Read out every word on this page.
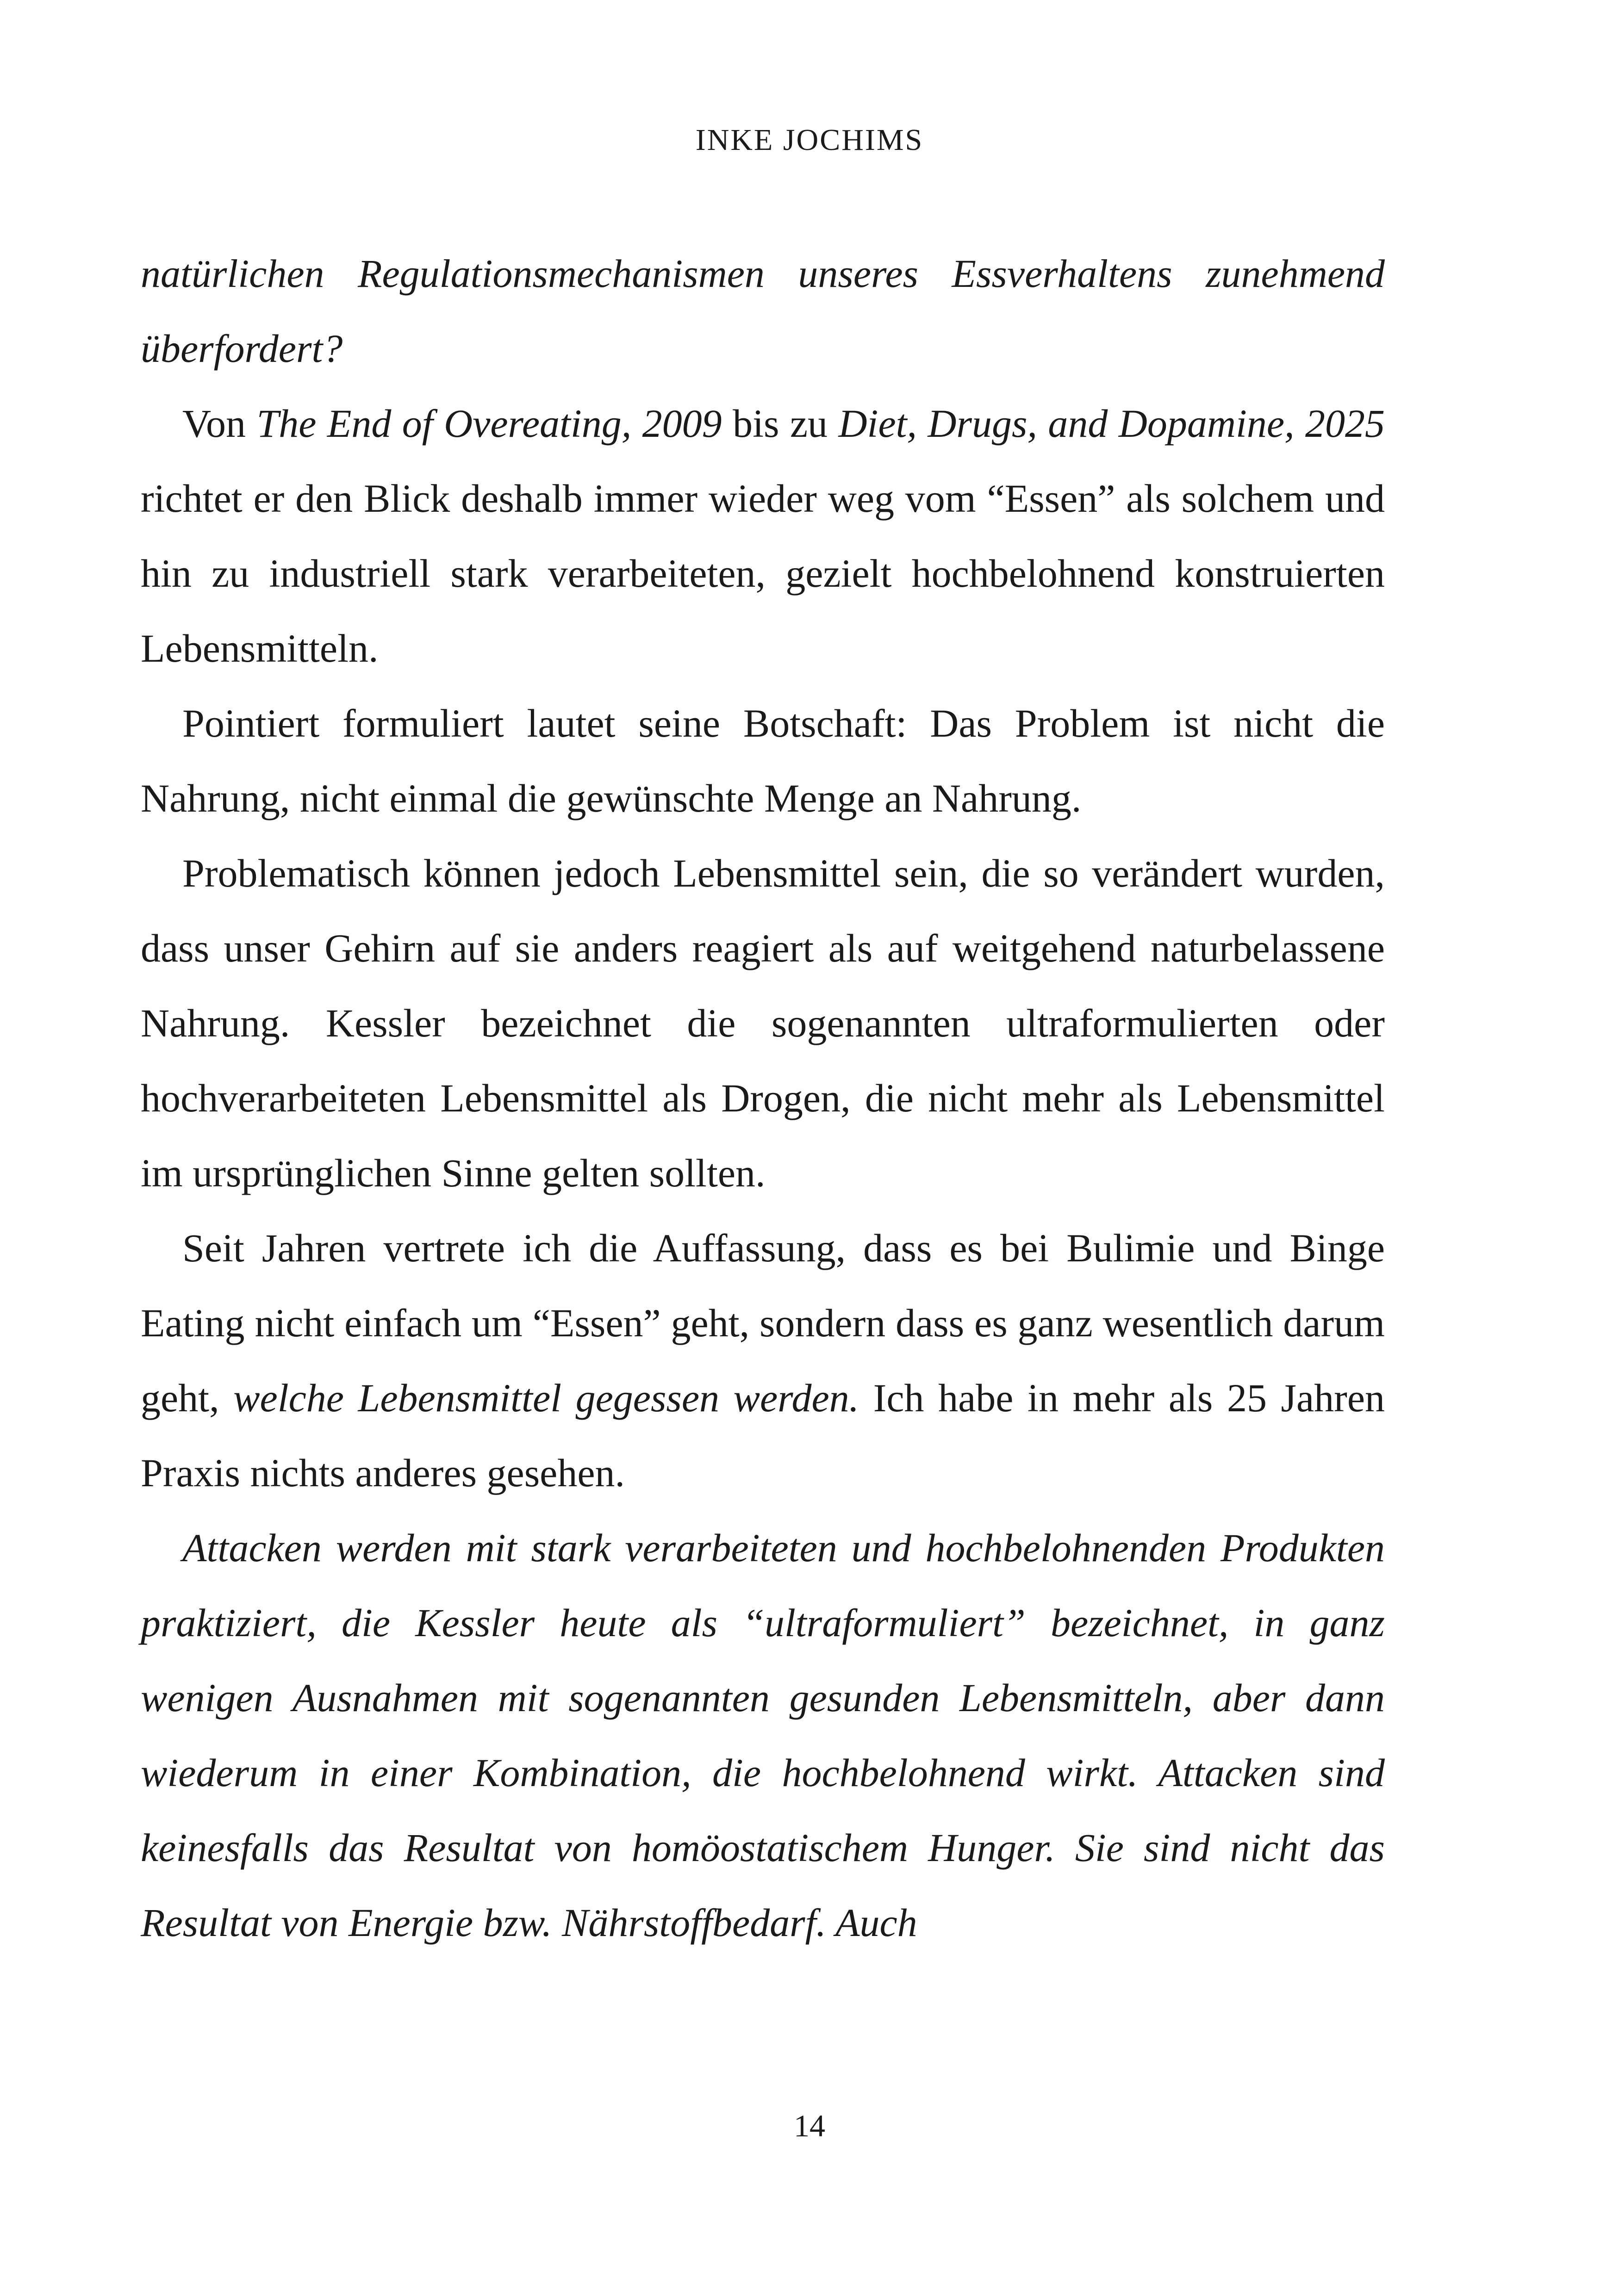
INKE JOCHIMS

natürlichen Regulationsmechanismen unseres Essverhaltens zunehmend überfordert?

Von The End of Overeating, 2009 bis zu Diet, Drugs, and Dopamine, 2025 richtet er den Blick deshalb immer wieder weg vom “Essen” als solchem und hin zu industriell stark verarbeiteten, gezielt hochbelohnend konstruierten Lebensmitteln.

Pointiert formuliert lautet seine Botschaft: Das Problem ist nicht die Nahrung, nicht einmal die gewünschte Menge an Nahrung.

Problematisch können jedoch Lebensmittel sein, die so verändert wurden, dass unser Gehirn auf sie anders reagiert als auf weitgehend naturbelassene Nahrung. Kessler bezeichnet die sogenannten ultraformulierten oder hochverarbeiteten Lebensmittel als Drogen, die nicht mehr als Lebensmittel im ursprünglichen Sinne gelten sollten.

Seit Jahren vertrete ich die Auffassung, dass es bei Bulimie und Binge Eating nicht einfach um “Essen” geht, sondern dass es ganz wesentlich darum geht, welche Lebensmittel gegessen werden. Ich habe in mehr als 25 Jahren Praxis nichts anderes gesehen.

Attacken werden mit stark verarbeiteten und hochbelohnenden Produkten praktiziert, die Kessler heute als “ultraformuliert” bezeichnet, in ganz wenigen Ausnahmen mit sogenannten gesunden Lebensmitteln, aber dann wiederum in einer Kombination, die hochbelohnend wirkt. Attacken sind keinesfalls das Resultat von homöostatischem Hunger. Sie sind nicht das Resultat von Energie bzw. Nährstoffbedarf. Auch

14
